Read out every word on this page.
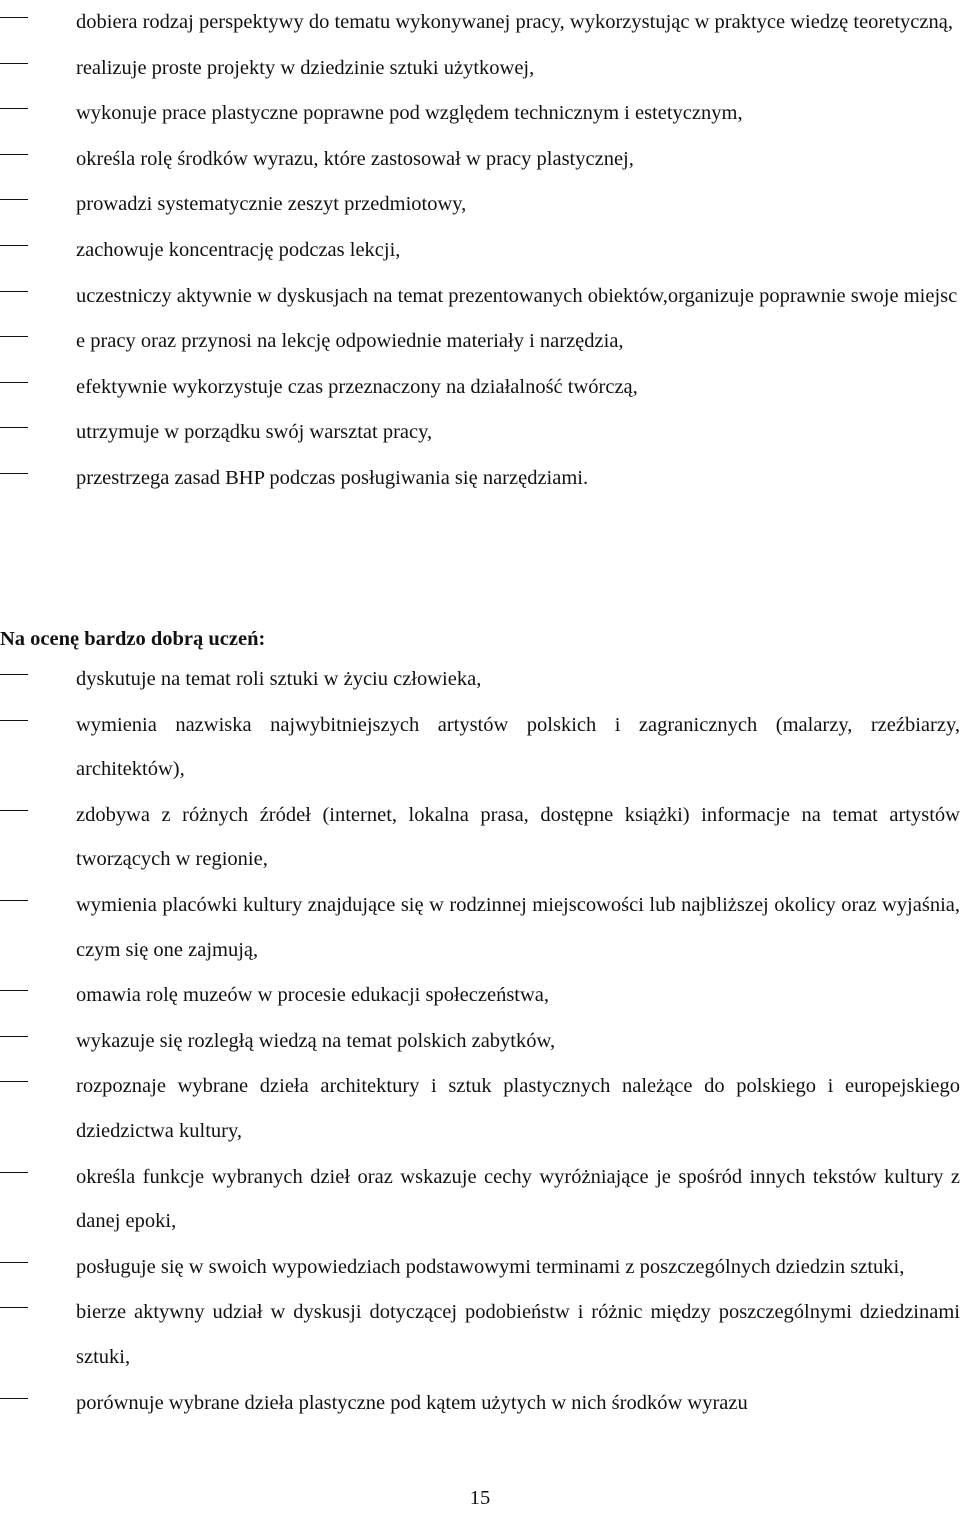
dobiera rodzaj perspektywy do tematu wykonywanej pracy, wykorzystując w praktyce wiedzę teoretyczną,
realizuje proste projekty w dziedzinie sztuki użytkowej,
wykonuje prace plastyczne poprawne pod względem technicznym i estetycznym,
określa rolę środków wyrazu, które zastosował w pracy plastycznej,
prowadzi systematycznie zeszyt przedmiotowy,
zachowuje koncentrację podczas lekcji,
uczestniczy aktywnie w dyskusjach na temat prezentowanych obiektów,organizuje poprawnie swoje miejsc
e pracy oraz przynosi na lekcję odpowiednie materiały i narzędzia,
efektywnie wykorzystuje czas przeznaczony na działalność twórczą,
utrzymuje w porządku swój warsztat pracy,
przestrzega zasad BHP podczas posługiwania się narzędziami.
Na ocenę bardzo dobrą uczeń:
dyskutuje na temat roli sztuki w życiu człowieka,
wymienia nazwiska najwybitniejszych artystów polskich i zagranicznych (malarzy, rzeźbiarzy, architektów),
zdobywa z różnych źródeł (internet, lokalna prasa, dostępne książki) informacje na temat artystów tworzących w regionie,
wymienia placówki kultury znajdujące się w rodzinnej miejscowości lub najbliższej okolicy oraz wyjaśnia, czym się one zajmują,
omawia rolę muzeów w procesie edukacji społeczeństwa,
wykazuje się rozległą wiedzą na temat polskich zabytków,
rozpoznaje wybrane dzieła architektury i sztuk plastycznych należące do polskiego i europejskiego dziedzictwa kultury,
określa funkcje wybranych dzieł oraz wskazuje cechy wyróżniające je spośród innych tekstów kultury z danej epoki,
posługuje się w swoich wypowiedziach podstawowymi terminami z poszczególnych dziedzin sztuki,
bierze aktywny udział w dyskusji dotyczącej podobieństw i różnic między poszczególnymi dziedzinami sztuki,
porównuje wybrane dzieła plastyczne pod kątem użytych w nich środków wyrazu
15
